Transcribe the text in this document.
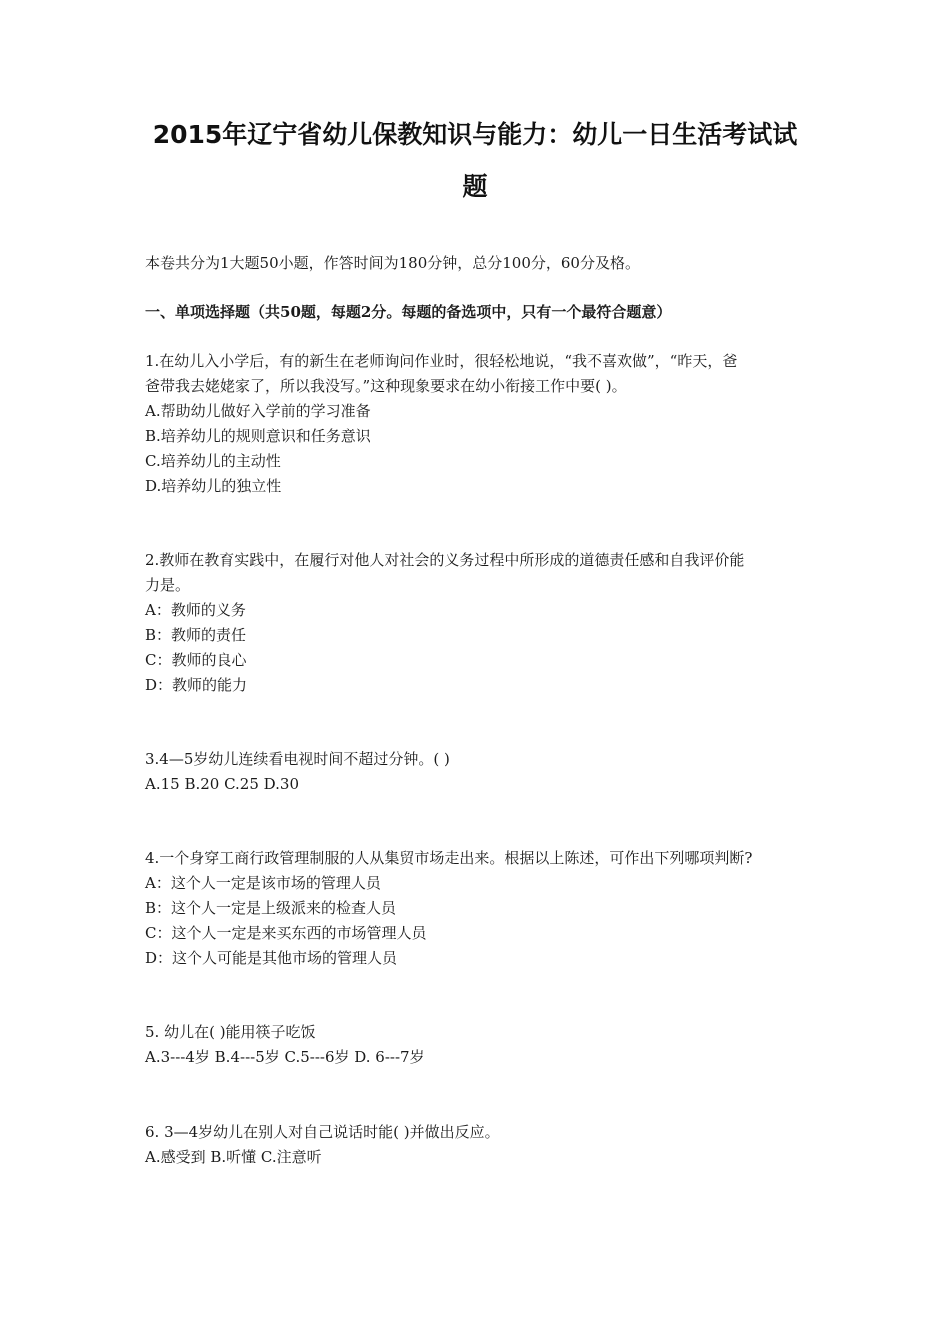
2015年辽宁省幼儿保教知识与能力：幼儿一日生活考试试
题
本卷共分为1大题50小题，作答时间为180分钟，总分100分，60分及格。
一、单项选择题（共50题，每题2分。每题的备选项中，只有一个最符合题意）
1.在幼儿入小学后，有的新生在老师询问作业时，很轻松地说，“我不喜欢做”，“昨天，爸
爸带我去姥姥家了，所以我没写。”这种现象要求在幼小衔接工作中要( )。
A.帮助幼儿做好入学前的学习准备
B.培养幼儿的规则意识和任务意识
C.培养幼儿的主动性
D.培养幼儿的独立性
2.教师在教育实践中，在履行对他人对社会的义务过程中所形成的道德责任感和自我评价能
力是。
A：教师的义务
B：教师的责任
C：教师的良心
D：教师的能力
3.4—5岁幼儿连续看电视时间不超过分钟。( )
A.15 B.20 C.25 D.30
4.一个身穿工商行政管理制服的人从集贸市场走出来。根据以上陈述，可作出下列哪项判断?
A：这个人一定是该市场的管理人员
B：这个人一定是上级派来的检查人员
C：这个人一定是来买东西的市场管理人员
D：这个人可能是其他市场的管理人员
5. 幼儿在( )能用筷子吃饭
A.3---4岁 B.4---5岁 C.5---6岁 D. 6---7岁
6. 3—4岁幼儿在别人对自己说话时能( )并做出反应。
A.感受到 B.听懂 C.注意听
